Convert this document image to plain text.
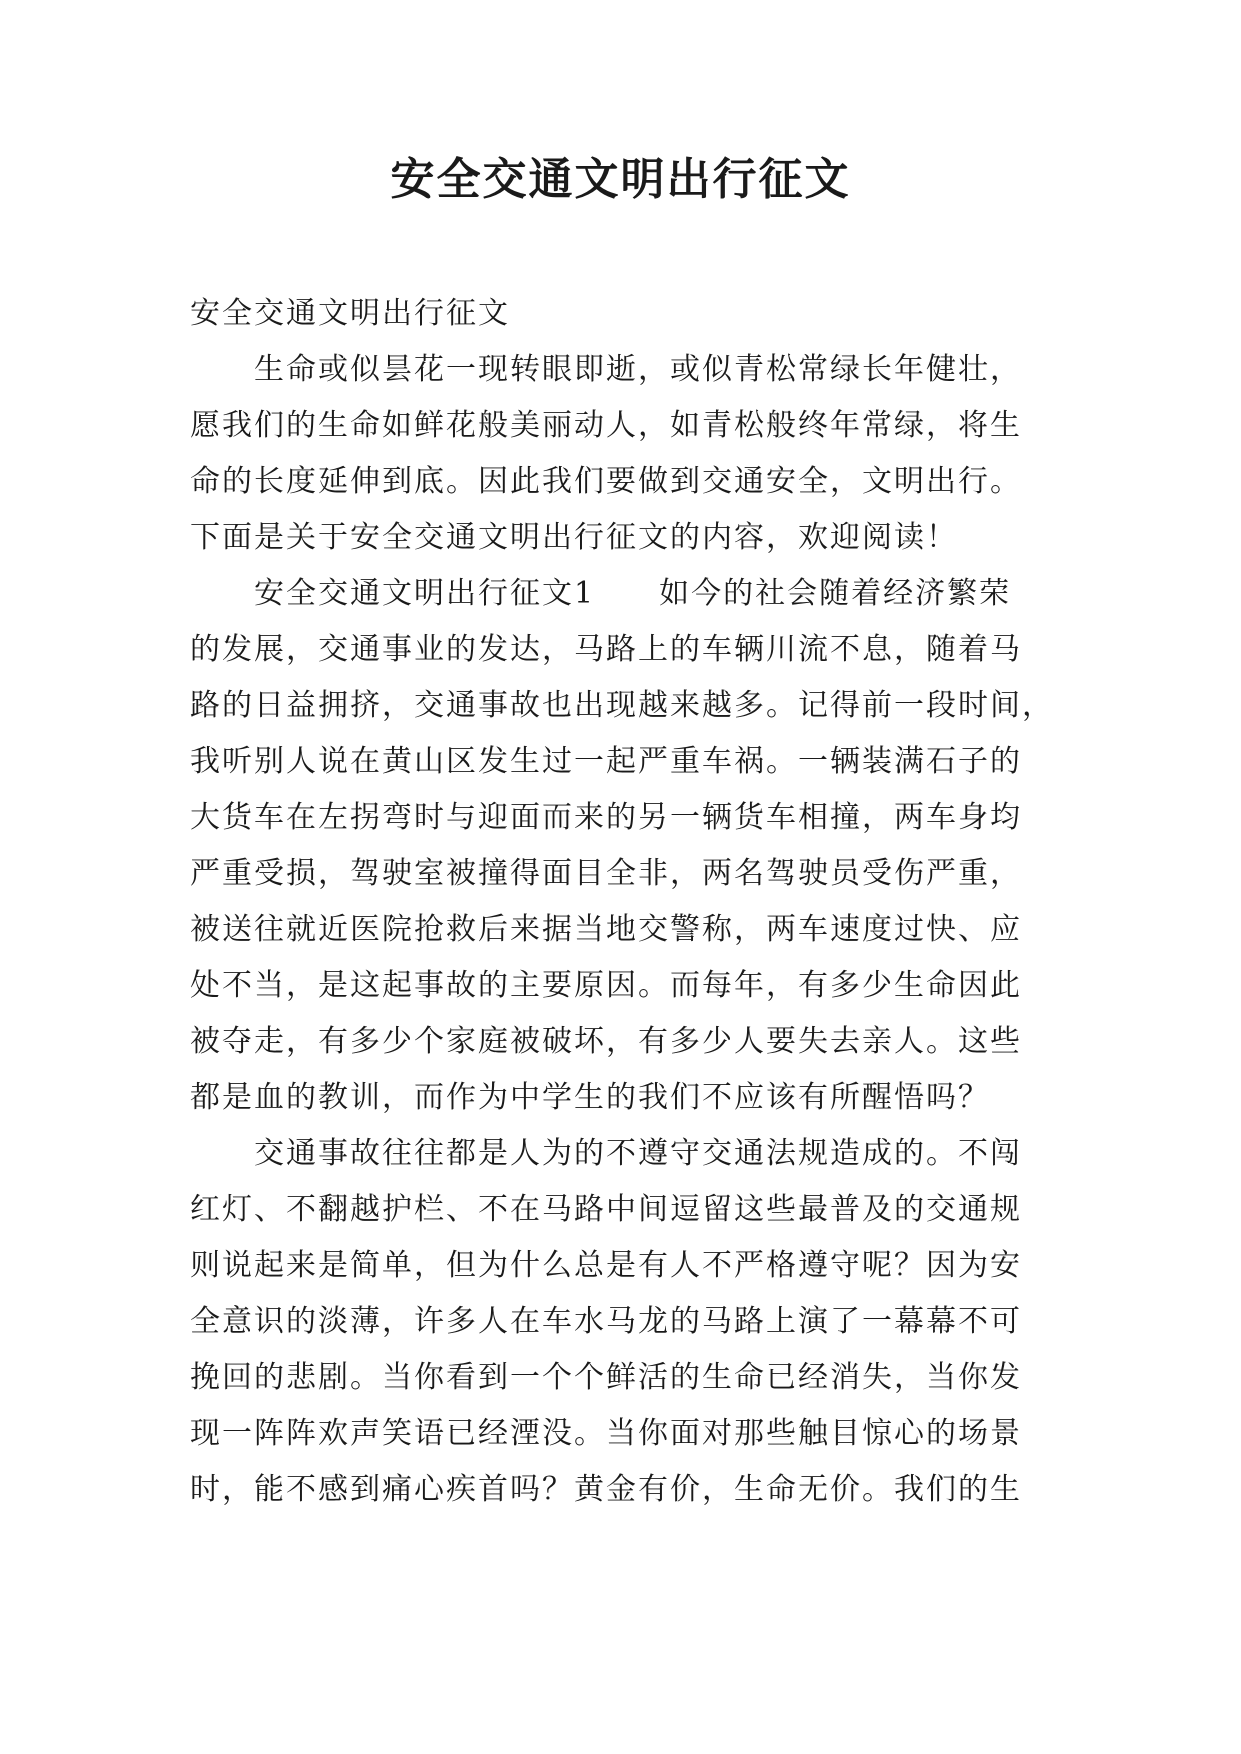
安全交通文明出行征文
安全交通文明出行征文
　　生命或似昙花一现转眼即逝，或似青松常绿长年健壮，
愿我们的生命如鲜花般美丽动人，如青松般终年常绿，将生
命的长度延伸到底。因此我们要做到交通安全，文明出行。
下面是关于安全交通文明出行征文的内容，欢迎阅读！
　　安全交通文明出行征文1　　如今的社会随着经济繁荣
的发展，交通事业的发达，马路上的车辆川流不息，随着马
路的日益拥挤，交通事故也出现越来越多。记得前一段时间，
我听别人说在黄山区发生过一起严重车祸。一辆装满石子的
大货车在左拐弯时与迎面而来的另一辆货车相撞，两车身均
严重受损，驾驶室被撞得面目全非，两名驾驶员受伤严重，
被送往就近医院抢救后来据当地交警称，两车速度过快、应
处不当，是这起事故的主要原因。而每年，有多少生命因此
被夺走，有多少个家庭被破坏，有多少人要失去亲人。这些
都是血的教训，而作为中学生的我们不应该有所醒悟吗？
　　交通事故往往都是人为的不遵守交通法规造成的。不闯
红灯、不翻越护栏、不在马路中间逗留这些最普及的交通规
则说起来是简单，但为什么总是有人不严格遵守呢？因为安
全意识的淡薄，许多人在车水马龙的马路上演了一幕幕不可
挽回的悲剧。当你看到一个个鲜活的生命已经消失，当你发
现一阵阵欢声笑语已经湮没。当你面对那些触目惊心的场景
时，能不感到痛心疾首吗？黄金有价，生命无价。我们的生
